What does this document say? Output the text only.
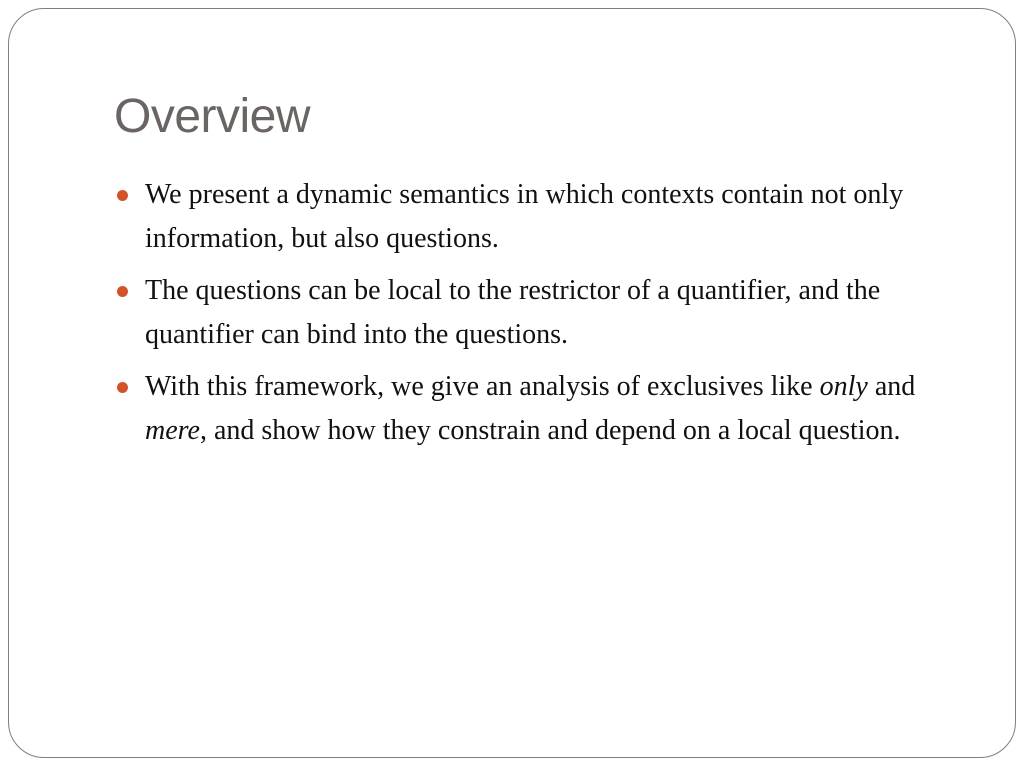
Overview
We present a dynamic semantics in which contexts contain not only information, but also questions.
The questions can be local to the restrictor of a quantifier, and the quantifier can bind into the questions.
With this framework, we give an analysis of exclusives like only and mere, and show how they constrain and depend on a local question.
